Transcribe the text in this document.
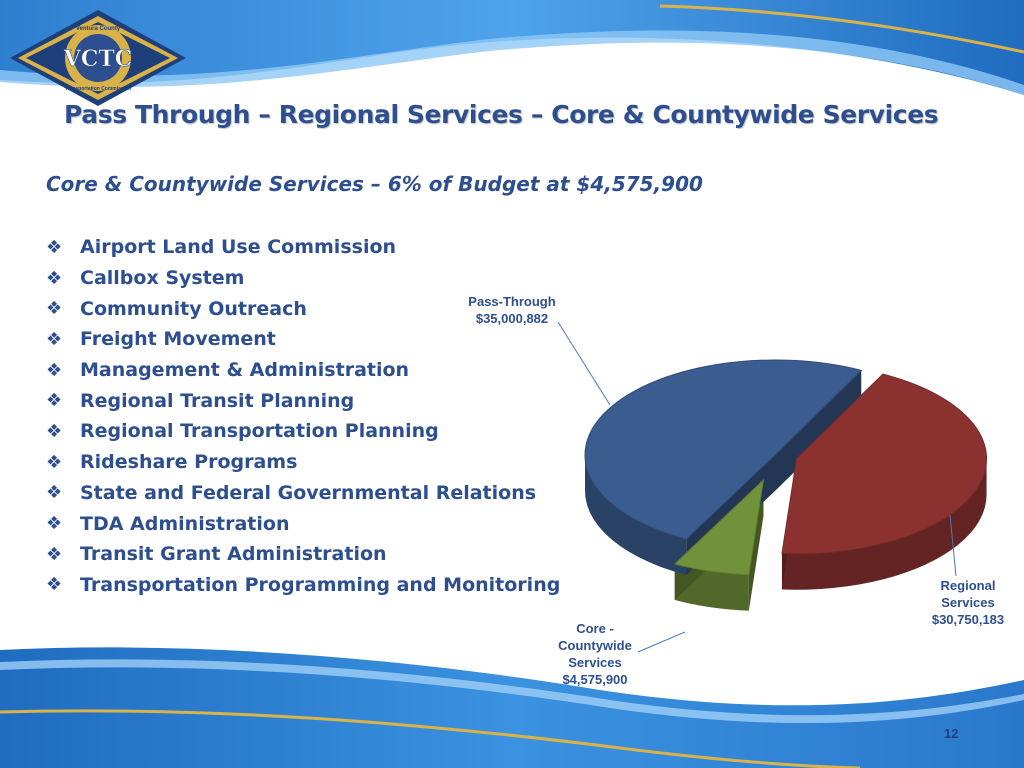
VCTC
Ventura County
Transportation Commission
Pass Through – Regional Services – Core & Countywide Services
Core & Countywide Services – 6% of Budget at $4,575,900
❖ Airport Land Use Commission
❖ Callbox System
❖ Community Outreach
❖ Freight Movement
❖ Management & Administration
❖ Regional Transit Planning
❖ Regional Transportation Planning
❖ Rideshare Programs
❖ State and Federal Governmental Relations
❖ TDA Administration
❖ Transit Grant Administration
❖ Transportation Programming and Monitoring
Pass-Through
$35,000,882
Regional
Services
$30,750,183
Core -
Countywide
Services
$4,575,900
12
